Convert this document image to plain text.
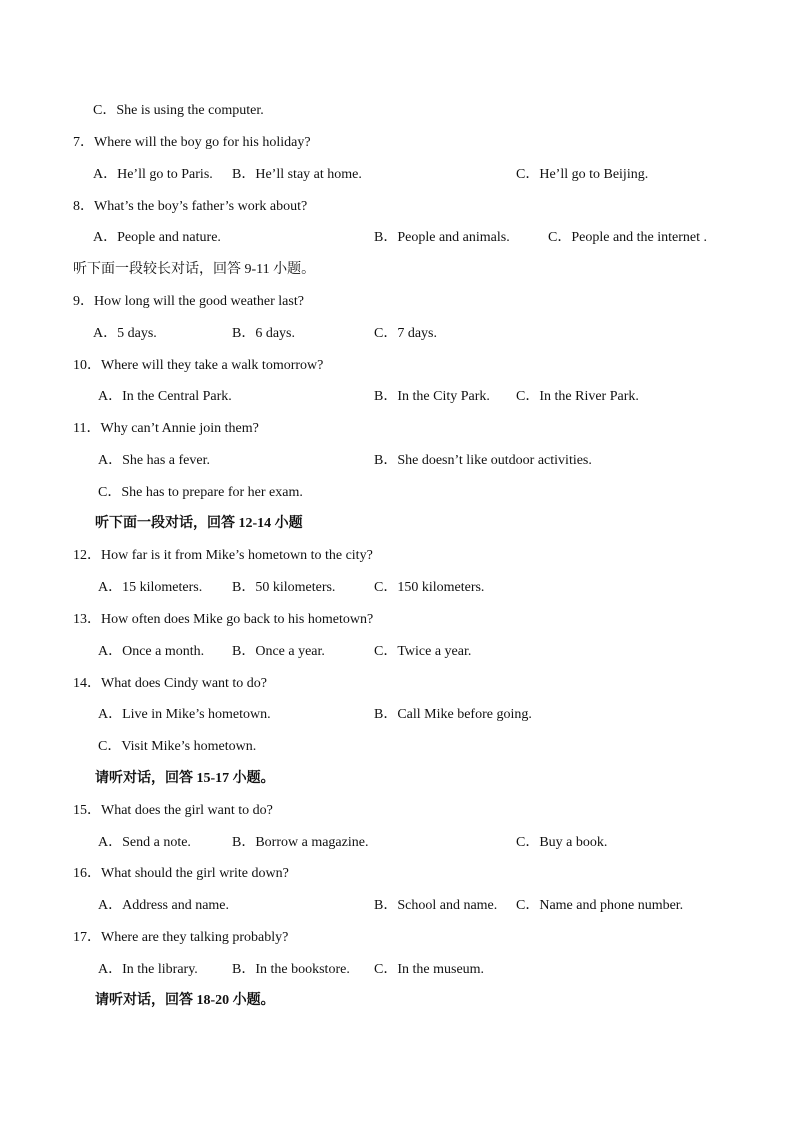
C．She is using the computer.
7．Where will the boy go for his holiday?
A．He’ll go to Paris. B．He’ll stay at home.	C．He’ll go to Beijing.
8．What’s the boy’s father’s work about?
A．People and nature.	B．People and animals.	C．People and the internet .
听下面一段较长对话，回答 9-11 小题。
9．How long will the good weather last?
A．5 days.	B．6 days.	C．7 days.
10．Where will they take a walk tomorrow?
A．In the Central Park.	B．In the City Park. C．In the River Park.
11．Why can’t Annie join them?
A．She has a fever.	B．She doesn’t like outdoor activities.
C．She has to prepare for her exam.
听下面一段对话，回答 12-14 小题
12．How far is it from Mike’s hometown to the city?
A．15 kilometers. B．50 kilometers.	C．150 kilometers.
13．How often does Mike go back to his hometown?
A．Once a month. B．Once a year.	C．Twice a year.
14．What does Cindy want to do?
A．Live in Mike’s hometown.	B．Call Mike before going.
C．Visit Mike’s hometown.
请听对话，回答 15-17 小题。
15．What does the girl want to do?
A．Send a note.	B．Borrow a magazine.	C．Buy a book.
16．What should the girl write down?
A．Address and name.	B．School and name. C．Name and phone number.
17．Where are they talking probably?
A．In the library. B．In the bookstore. C．In the museum.
请听对话，回答 18-20 小题。
